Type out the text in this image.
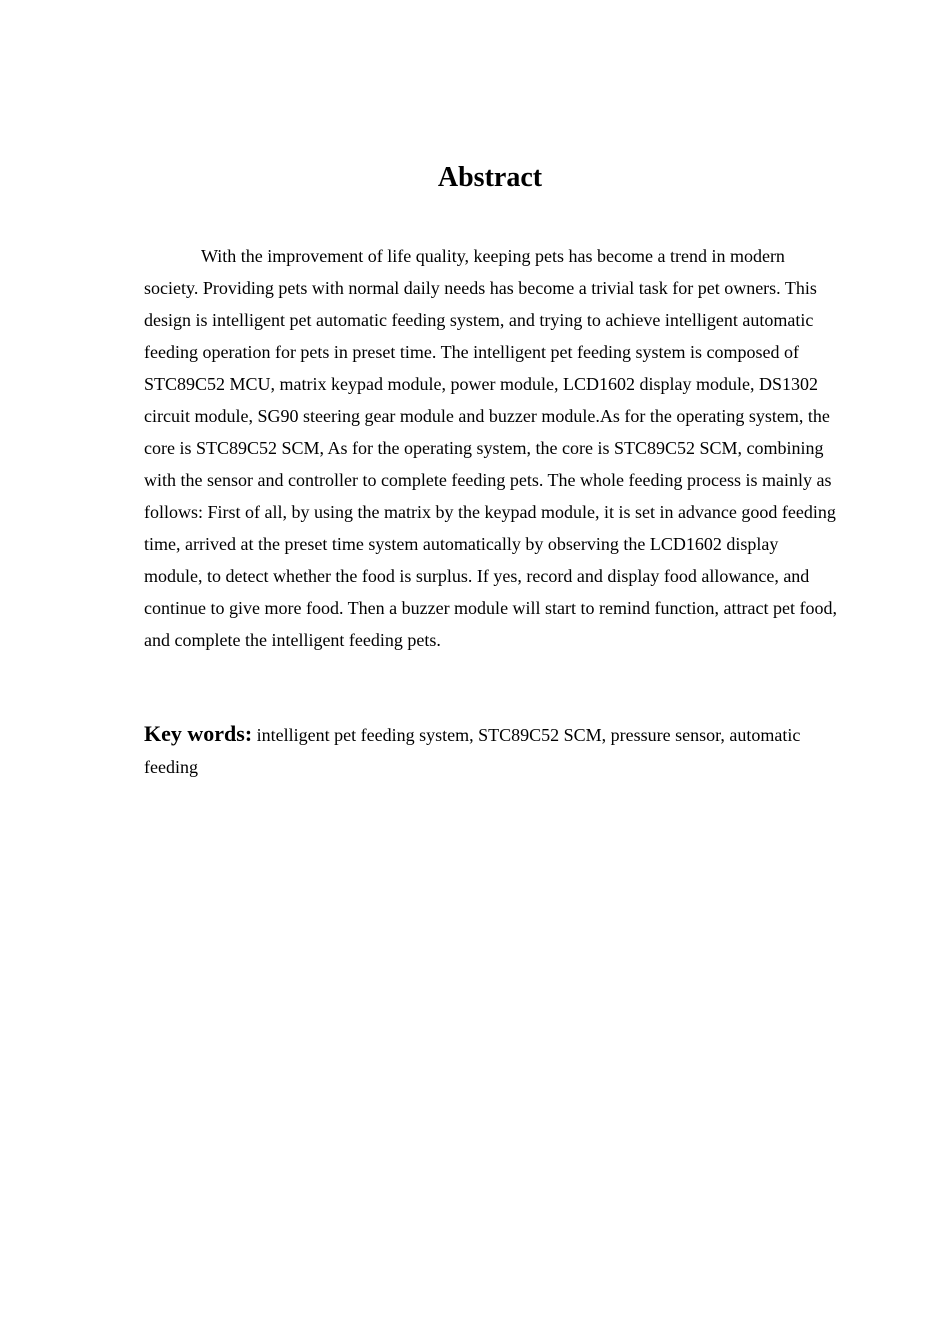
Abstract

With the improvement of life quality, keeping pets has become a trend in modern society. Providing pets with normal daily needs has become a trivial task for pet owners. This design is intelligent pet automatic feeding system, and trying to achieve intelligent automatic feeding operation for pets in preset time. The intelligent pet feeding system is composed of STC89C52 MCU, matrix keypad module, power module, LCD1602 display module, DS1302 circuit module, SG90 steering gear module and buzzer module.As for the operating system, the core is STC89C52 SCM, As for the operating system, the core is STC89C52 SCM, combining with the sensor and controller to complete feeding pets. The whole feeding process is mainly as follows: First of all, by using the matrix by the keypad module, it is set in advance good feeding time, arrived at the preset time system automatically by observing the LCD1602 display module, to detect whether the food is surplus. If yes, record and display food allowance, and continue to give more food. Then a buzzer module will start to remind function, attract pet food, and complete the intelligent feeding pets.

Key words: intelligent pet feeding system, STC89C52 SCM, pressure sensor, automatic feeding
